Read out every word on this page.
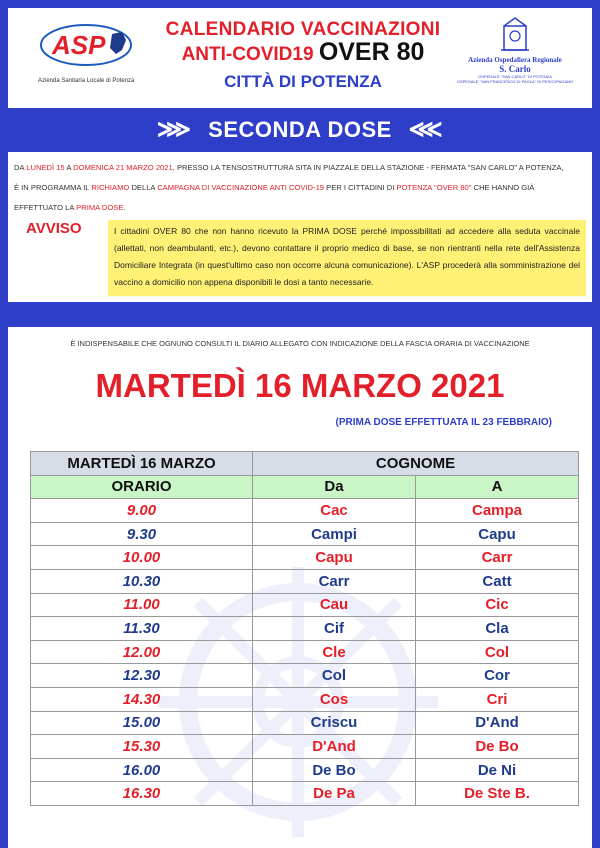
ASP
Azienda Sanitaria Locale di Potenza
CALENDARIO VACCINAZIONI
ANTI-COVID19 OVER 80
CITTÀ DI POTENZA
Azienda Ospedaliera Regionale
S. Carlo
OSPEDALE "SAN CARLO" DI POTENZA
OSPEDALE "SAN FRANCESCO DI PAOLA" DI PESCOPAGANO
⋙ SECONDA DOSE ⋘

DA LUNEDÌ 15 A DOMENICA 21 MARZO 2021, PRESSO LA TENSOSTRUTTURA SITA IN PIAZZALE DELLA STAZIONE - FERMATA "SAN CARLO" A POTENZA,

È IN PROGRAMMA IL RICHIAMO DELLA CAMPAGNA DI VACCINAZIONE ANTI COVID-19 PER I CITTADINI DI POTENZA "OVER 80" CHE HANNO GIÀ

EFFETTUATO LA PRIMA DOSE.

AVVISO	I cittadini OVER 80 che non hanno ricevuto la PRIMA DOSE perché impossibilitati ad accedere alla seduta vaccinale (allettati, non deambulanti, etc.), devono contattare il proprio medico di base, se non rientranti nella rete dell'Assistenza Domiciliare Integrata (in quest'ultimo caso non occorre alcuna comunicazione). L'ASP procederà alla somministrazione del vaccino a domicilio non appena disponibili le dosi a tanto necessarie.
È INDISPENSABILE CHE OGNUNO CONSULTI IL DIARIO ALLEGATO CON INDICAZIONE DELLA FASCIA ORARIA DI VACCINAZIONE
MARTEDÌ 16 MARZO 2021
(PRIMA DOSE EFFETTUATA IL 23 FEBBRAIO)
MARTEDÌ 16 MARZO	COGNOME	
ORARIO	Da	A
9.00	Cac	Campa
9.30	Campi	Capu
10.00	Capu	Carr
10.30	Carr	Catt
11.00	Cau	Cic
11.30	Cif	Cla
12.00	Cle	Col
12.30	Col	Cor
14.30	Cos	Cri
15.00	Criscu	D'And
15.30	D'And	De Bo
16.00	De Bo	De Ni
16.30	De Pa	De Ste B.
